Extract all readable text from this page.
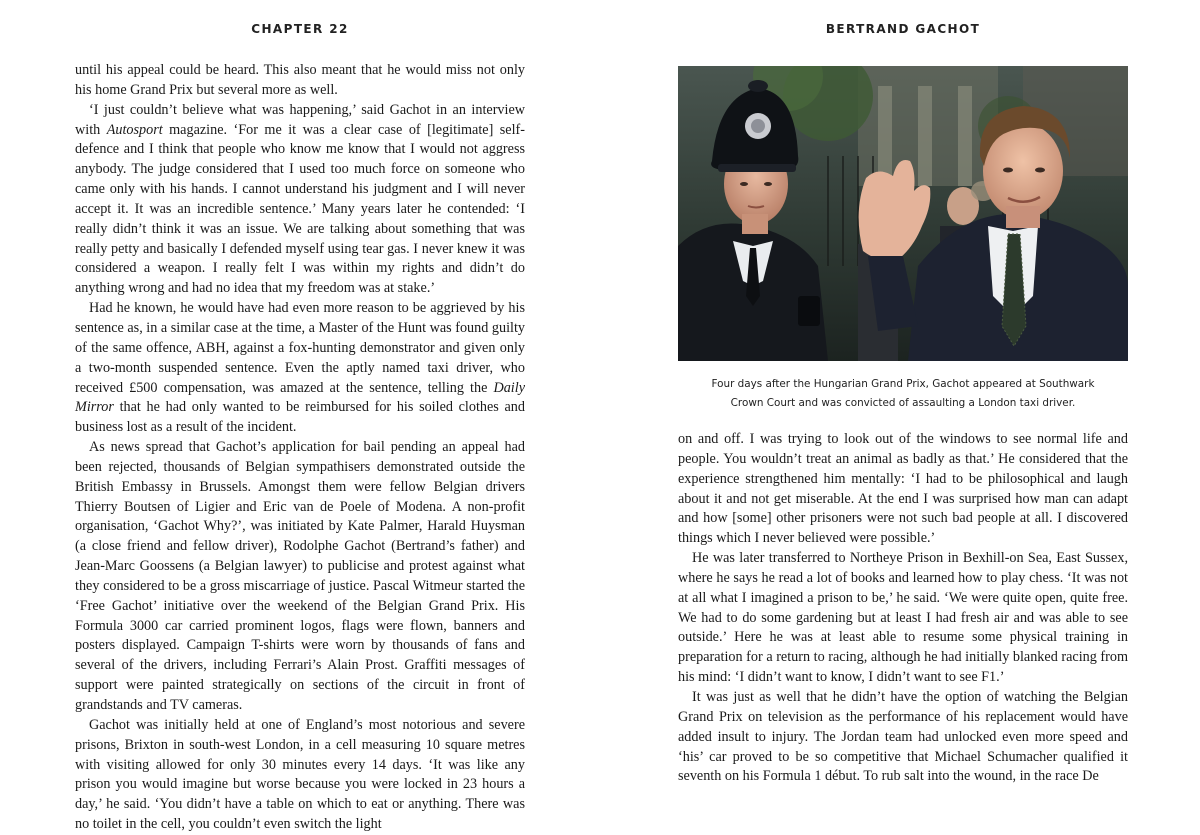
CHAPTER 22

until his appeal could be heard. This also meant that he would miss not only his home Grand Prix but several more as well.

‘I just couldn’t believe what was happening,’ said Gachot in an interview with Autosport magazine. ‘For me it was a clear case of [legitimate] self-defence and I think that people who know me know that I would not aggress anybody. The judge considered that I used too much force on someone who came only with his hands. I cannot understand his judgment and I will never accept it. It was an incredible sentence.’ Many years later he contended: ‘I really didn’t think it was an issue. We are talking about something that was really petty and basically I defended myself using tear gas. I never knew it was considered a weapon. I really felt I was within my rights and didn’t do anything wrong and had no idea that my freedom was at stake.’

Had he known, he would have had even more reason to be aggrieved by his sentence as, in a similar case at the time, a Master of the Hunt was found guilty of the same offence, ABH, against a fox-hunting demonstrator and given only a two-month suspended sentence. Even the aptly named taxi driver, who received £500 compensation, was amazed at the sentence, telling the Daily Mirror that he had only wanted to be reimbursed for his soiled clothes and business lost as a result of the incident.

As news spread that Gachot’s application for bail pending an appeal had been rejected, thousands of Belgian sympathisers demonstrated outside the British Embassy in Brussels. Amongst them were fellow Belgian drivers Thierry Boutsen of Ligier and Eric van de Poele of Modena. A non-profit organisation, ‘Gachot Why?’, was initiated by Kate Palmer, Harald Huysman (a close friend and fellow driver), Rodolphe Gachot (Bertrand’s father) and Jean-Marc Goossens (a Belgian lawyer) to publicise and protest against what they considered to be a gross miscarriage of justice. Pascal Witmeur started the ‘Free Gachot’ initiative over the weekend of the Belgian Grand Prix. His Formula 3000 car carried prominent logos, flags were flown, banners and posters displayed. Campaign T-shirts were worn by thousands of fans and several of the drivers, including Ferrari’s Alain Prost. Graffiti messages of support were painted strategically on sections of the circuit in front of grandstands and TV cameras.

Gachot was initially held at one of England’s most notorious and severe prisons, Brixton in south-west London, in a cell measuring 10 square metres with visiting allowed for only 30 minutes every 14 days. ‘It was like any prison you would imagine but worse because you were locked in 23 hours a day,’ he said. ‘You didn’t have a table on which to eat or anything. There was no toilet in the cell, you couldn’t even switch the light

BERTRAND GACHOT

Four days after the Hungarian Grand Prix, Gachot appeared at Southwark
Crown Court and was convicted of assaulting a London taxi driver.

on and off. I was trying to look out of the windows to see normal life and people. You wouldn’t treat an animal as badly as that.’ He considered that the experience strengthened him mentally: ‘I had to be philosophical and laugh about it and not get miserable. At the end I was surprised how man can adapt and how [some] other prisoners were not such bad people at all. I discovered things which I never believed were possible.’

He was later transferred to Northeye Prison in Bexhill-on Sea, East Sussex, where he says he read a lot of books and learned how to play chess. ‘It was not at all what I imagined a prison to be,’ he said. ‘We were quite open, quite free. We had to do some gardening but at least I had fresh air and was able to see outside.’ Here he was at least able to resume some physical training in preparation for a return to racing, although he had initially blanked racing from his mind: ‘I didn’t want to know, I didn’t want to see F1.’

It was just as well that he didn’t have the option of watching the Belgian Grand Prix on television as the performance of his replacement would have added insult to injury. The Jordan team had unlocked even more speed and ‘his’ car proved to be so competitive that Michael Schumacher qualified it seventh on his Formula 1 début. To rub salt into the wound, in the race De
